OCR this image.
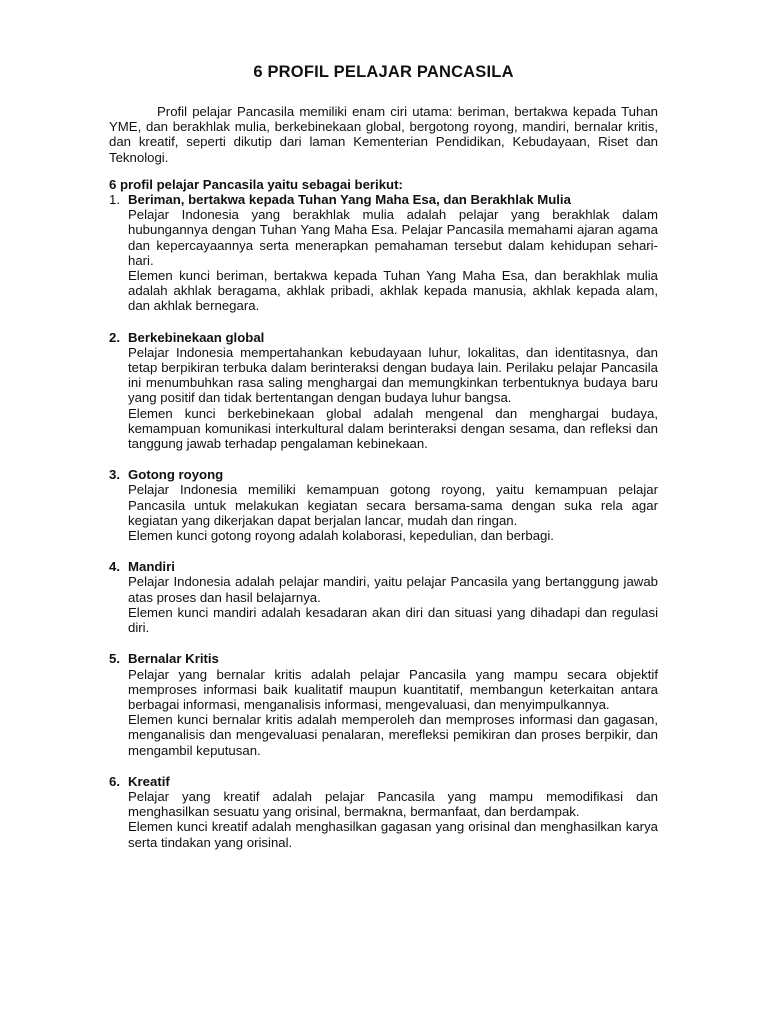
6 PROFIL PELAJAR PANCASILA

Profil pelajar Pancasila memiliki enam ciri utama: beriman, bertakwa kepada Tuhan YME, dan berakhlak mulia, berkebinekaan global, bergotong royong, mandiri, bernalar kritis, dan kreatif, seperti dikutip dari laman Kementerian Pendidikan, Kebudayaan, Riset dan Teknologi.

6 profil pelajar Pancasila yaitu sebagai berikut:

1. Beriman, bertakwa kepada Tuhan Yang Maha Esa, dan Berakhlak Mulia

Pelajar Indonesia yang berakhlak mulia adalah pelajar yang berakhlak dalam hubungannya dengan Tuhan Yang Maha Esa. Pelajar Pancasila memahami ajaran agama dan kepercayaannya serta menerapkan pemahaman tersebut dalam kehidupan sehari-hari.

Elemen kunci beriman, bertakwa kepada Tuhan Yang Maha Esa, dan berakhlak mulia adalah akhlak beragama, akhlak pribadi, akhlak kepada manusia, akhlak kepada alam, dan akhlak bernegara.

2. Berkebinekaan global

Pelajar Indonesia mempertahankan kebudayaan luhur, lokalitas, dan identitasnya, dan tetap berpikiran terbuka dalam berinteraksi dengan budaya lain. Perilaku pelajar Pancasila ini menumbuhkan rasa saling menghargai dan memungkinkan terbentuknya budaya baru yang positif dan tidak bertentangan dengan budaya luhur bangsa.

Elemen kunci berkebinekaan global adalah mengenal dan menghargai budaya, kemampuan komunikasi interkultural dalam berinteraksi dengan sesama, dan refleksi dan tanggung jawab terhadap pengalaman kebinekaan.

3. Gotong royong

Pelajar Indonesia memiliki kemampuan gotong royong, yaitu kemampuan pelajar Pancasila untuk melakukan kegiatan secara bersama-sama dengan suka rela agar kegiatan yang dikerjakan dapat berjalan lancar, mudah dan ringan.

Elemen kunci gotong royong adalah kolaborasi, kepedulian, dan berbagi.

4. Mandiri

Pelajar Indonesia adalah pelajar mandiri, yaitu pelajar Pancasila yang bertanggung jawab atas proses dan hasil belajarnya.

Elemen kunci mandiri adalah kesadaran akan diri dan situasi yang dihadapi dan regulasi diri.

5. Bernalar Kritis

Pelajar yang bernalar kritis adalah pelajar Pancasila yang mampu secara objektif memproses informasi baik kualitatif maupun kuantitatif, membangun keterkaitan antara berbagai informasi, menganalisis informasi, mengevaluasi, dan menyimpulkannya.

Elemen kunci bernalar kritis adalah memperoleh dan memproses informasi dan gagasan, menganalisis dan mengevaluasi penalaran, merefleksi pemikiran dan proses berpikir, dan mengambil keputusan.

6. Kreatif

Pelajar yang kreatif adalah pelajar Pancasila yang mampu memodifikasi dan menghasilkan sesuatu yang orisinal, bermakna, bermanfaat, dan berdampak.

Elemen kunci kreatif adalah menghasilkan gagasan yang orisinal dan menghasilkan karya serta tindakan yang orisinal.
